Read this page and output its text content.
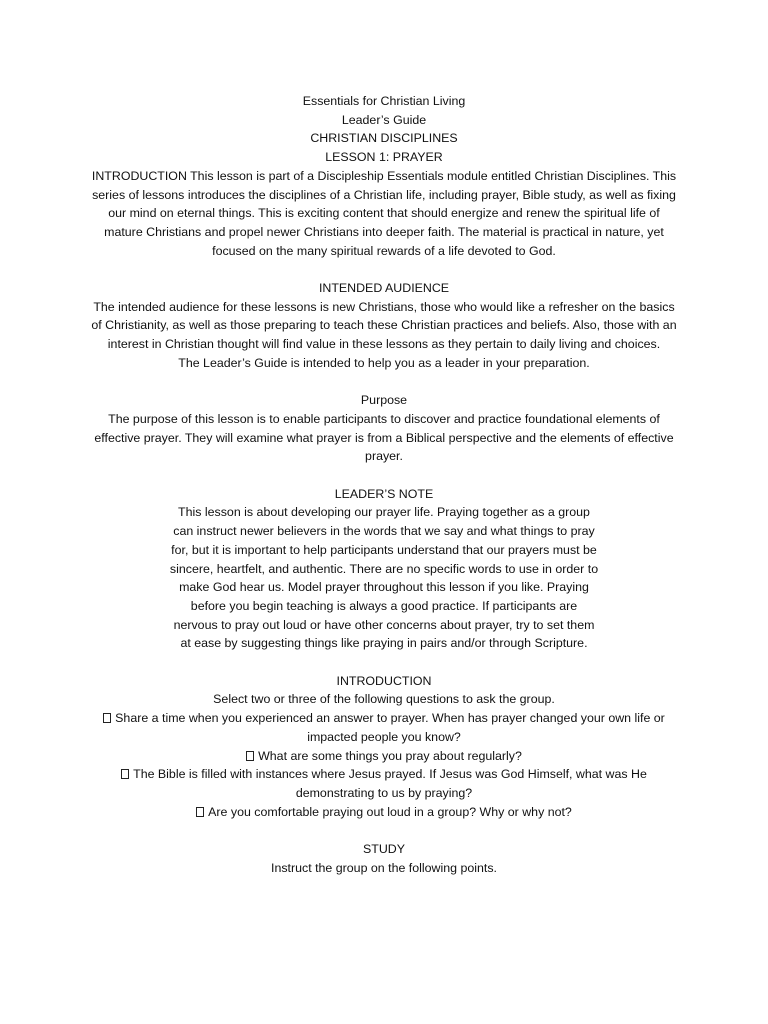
Essentials for Christian Living
Leader’s Guide
CHRISTIAN DISCIPLINES
LESSON 1: PRAYER
INTRODUCTION This lesson is part of a Discipleship Essentials module entitled Christian Disciplines. This series of lessons introduces the disciplines of a Christian life, including prayer, Bible study, as well as fixing our mind on eternal things. This is exciting content that should energize and renew the spiritual life of mature Christians and propel newer Christians into deeper faith. The material is practical in nature, yet focused on the many spiritual rewards of a life devoted to God.
INTENDED AUDIENCE
The intended audience for these lessons is new Christians, those who would like a refresher on the basics of Christianity, as well as those preparing to teach these Christian practices and beliefs. Also, those with an interest in Christian thought will find value in these lessons as they pertain to daily living and choices.
The Leader’s Guide is intended to help you as a leader in your preparation.
Purpose
The purpose of this lesson is to enable participants to discover and practice foundational elements of effective prayer. They will examine what prayer is from a Biblical perspective and the elements of effective prayer.
LEADER’S NOTE
This lesson is about developing our prayer life. Praying together as a group can instruct newer believers in the words that we say and what things to pray for, but it is important to help participants understand that our prayers must be sincere, heartfelt, and authentic. There are no specific words to use in order to make God hear us. Model prayer throughout this lesson if you like. Praying before you begin teaching is always a good practice. If participants are nervous to pray out loud or have other concerns about prayer, try to set them at ease by suggesting things like praying in pairs and/or through Scripture.
INTRODUCTION
Select two or three of the following questions to ask the group.
Share a time when you experienced an answer to prayer. When has prayer changed your own life or impacted people you know?
What are some things you pray about regularly?
The Bible is filled with instances where Jesus prayed. If Jesus was God Himself, what was He demonstrating to us by praying?
Are you comfortable praying out loud in a group? Why or why not?
STUDY
Instruct the group on the following points.
